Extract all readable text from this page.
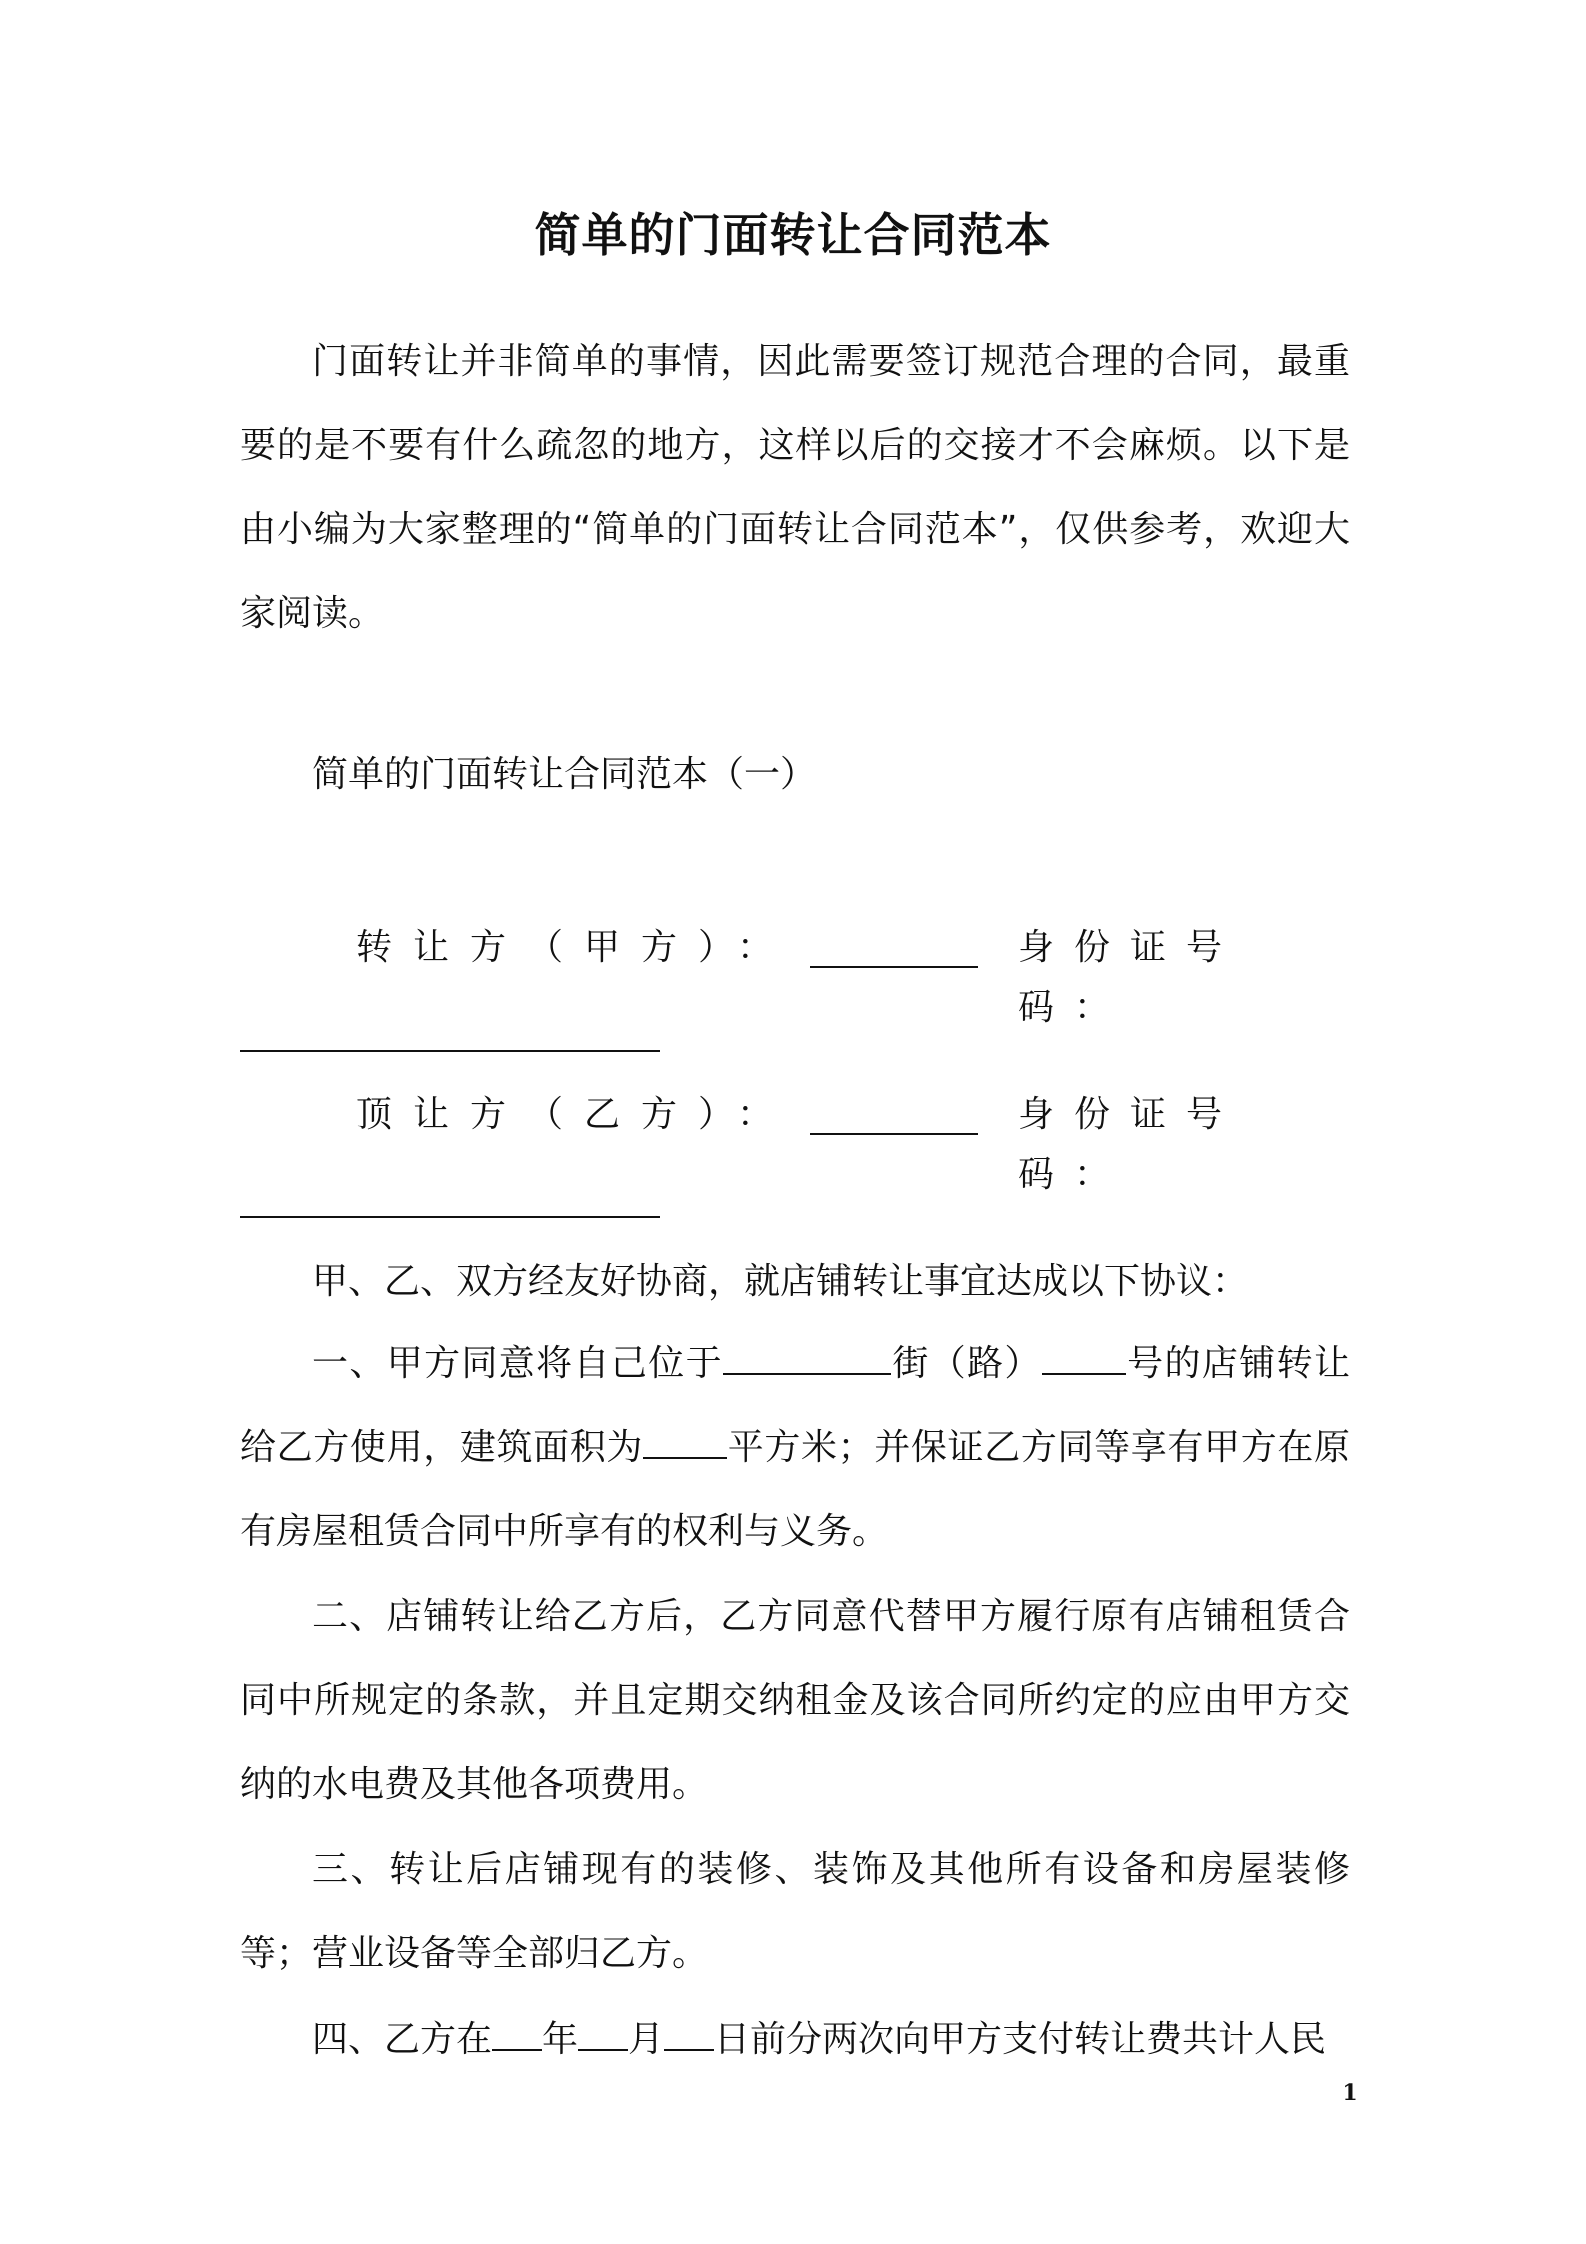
简单的门面转让合同范本
门面转让并非简单的事情，因此需要签订规范合理的合同，最重要的是不要有什么疏忽的地方，这样以后的交接才不会麻烦。以下是由小编为大家整理的“简单的门面转让合同范本”，仅供参考，欢迎大家阅读。
简单的门面转让合同范本（一）
转让方（甲方）：	身份证号码：
顶让方（乙方）：	身份证号码：
甲、乙、双方经友好协商，就店铺转让事宜达成以下协议：
一、甲方同意将自己位于	街（路） 号的店铺转让给乙方使用，建筑面积为 平方米；并保证乙方同等享有甲方在原有房屋租赁合同中所享有的权利与义务。
二、店铺转让给乙方后，乙方同意代替甲方履行原有店铺租赁合同中所规定的条款，并且定期交纳租金及该合同所约定的应由甲方交纳的水电费及其他各项费用。
三、转让后店铺现有的装修、装饰及其他所有设备和房屋装修等；营业设备等全部归乙方。
四、乙方在 年 月 日前分两次向甲方支付转让费共计人民
1
